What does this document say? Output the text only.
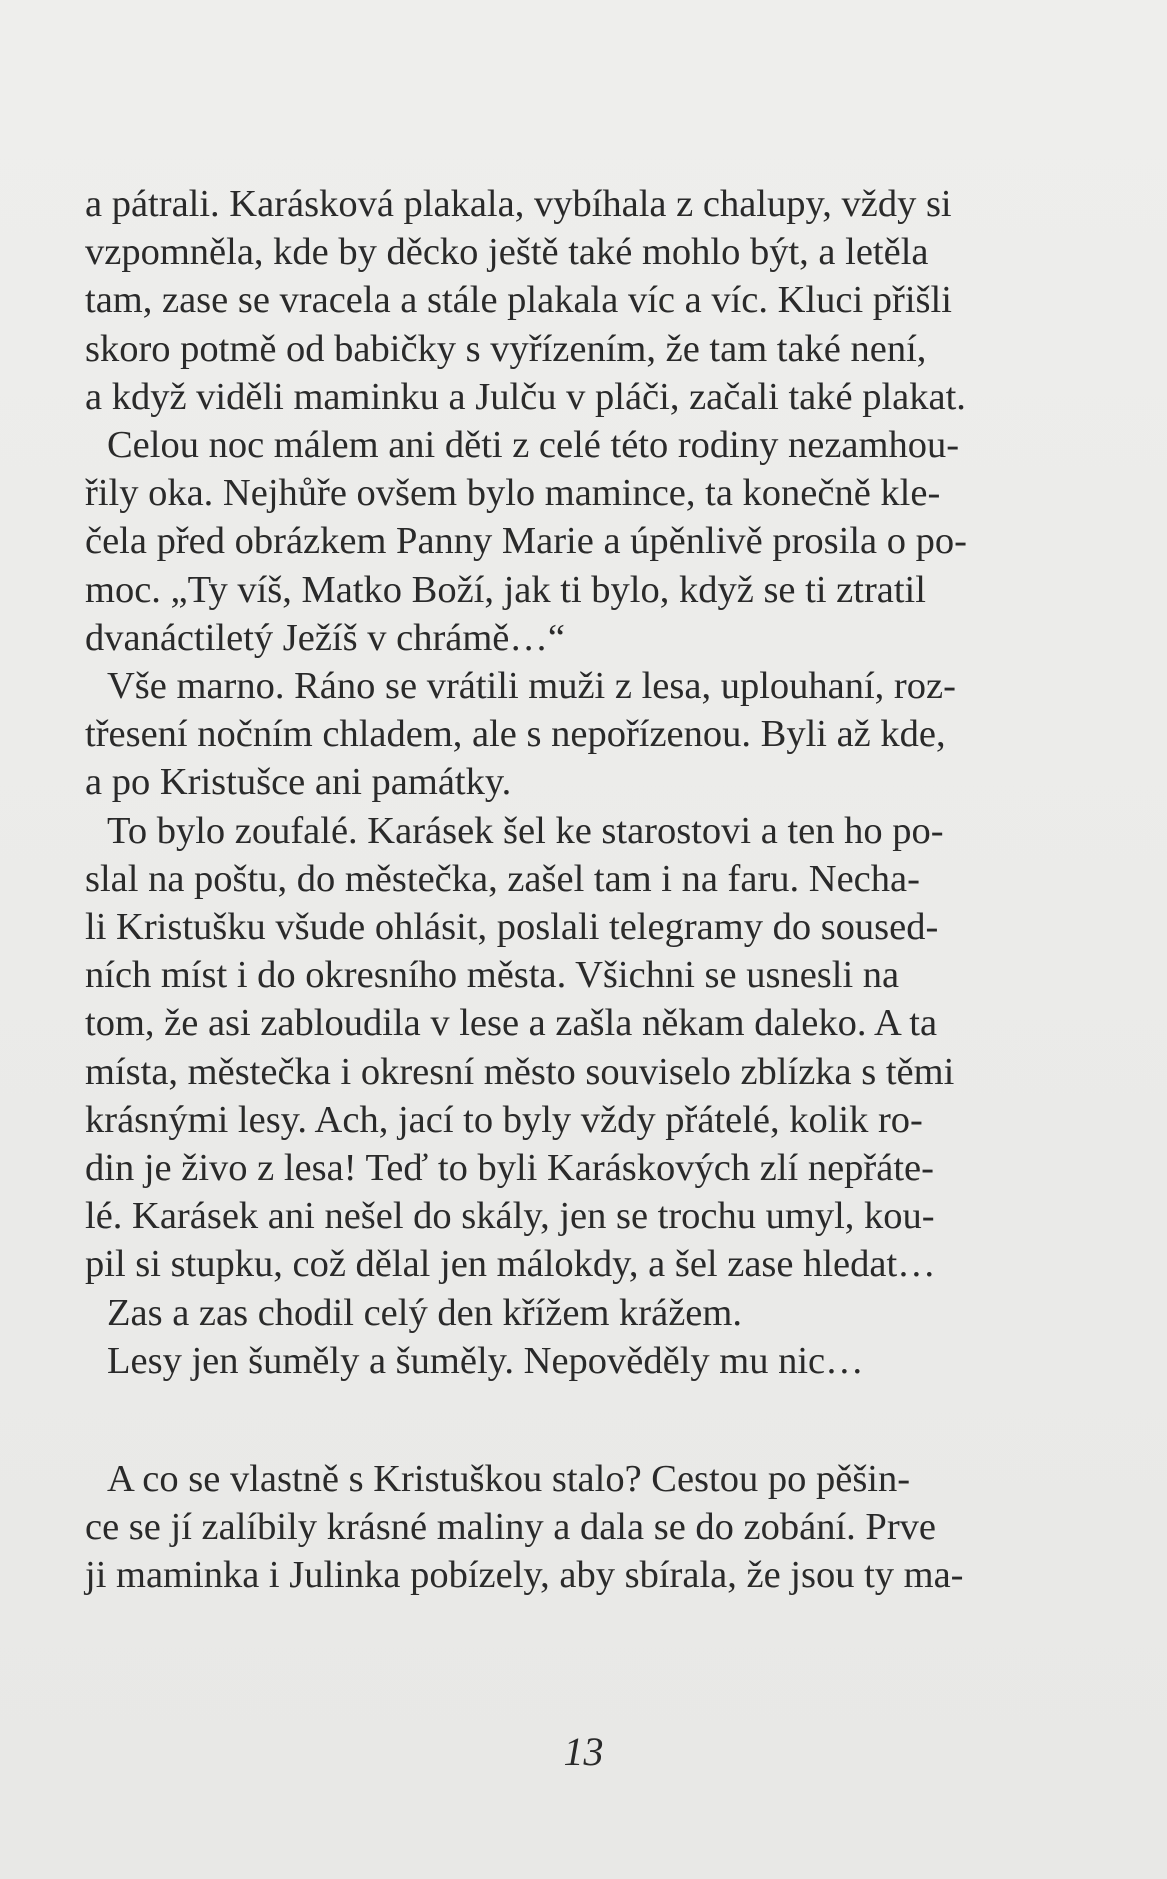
a pátrali. Karásková plakala, vybíhala z chalupy, vždy si
vzpomněla, kde by děcko ještě také mohlo být, a letěla
tam, zase se vracela a stále plakala víc a víc. Kluci přišli
skoro potmě od babičky s vyřízením, že tam také není,
a když viděli maminku a Julču v pláči, začali také plakat.
Celou noc málem ani děti z celé této rodiny nezamhou-
řily oka. Nejhůře ovšem bylo mamince, ta konečně kle-
čela před obrázkem Panny Marie a úpěnlivě prosila o po-
moc. „Ty víš, Matko Boží, jak ti bylo, když se ti ztratil
dvanáctiletý Ježíš v chrámě…“
Vše marno. Ráno se vrátili muži z lesa, uplouhaní, roz-
třesení nočním chladem, ale s nepořízenou. Byli až kde,
a po Kristušce ani památky.
To bylo zoufalé. Karásek šel ke starostovi a ten ho po-
slal na poštu, do městečka, zašel tam i na faru. Necha-
li Kristušku všude ohlásit, poslali telegramy do soused-
ních míst i do okresního města. Všichni se usnesli na
tom, že asi zabloudila v lese a zašla někam daleko. A ta
místa, městečka i okresní město souviselo zblízka s těmi
krásnými lesy. Ach, jací to byly vždy přátelé, kolik ro-
din je živo z lesa! Teď to byli Karáskových zlí nepřáte-
lé. Karásek ani nešel do skály, jen se trochu umyl, kou-
pil si stupku, což dělal jen málokdy, a šel zase hledat…
Zas a zas chodil celý den křížem krážem.
Lesy jen šuměly a šuměly. Nepověděly mu nic…
A co se vlastně s Kristuškou stalo? Cestou po pěšin-
ce se jí zalíbily krásné maliny a dala se do zobání. Prve
ji maminka i Julinka pobízely, aby sbírala, že jsou ty ma-
13
